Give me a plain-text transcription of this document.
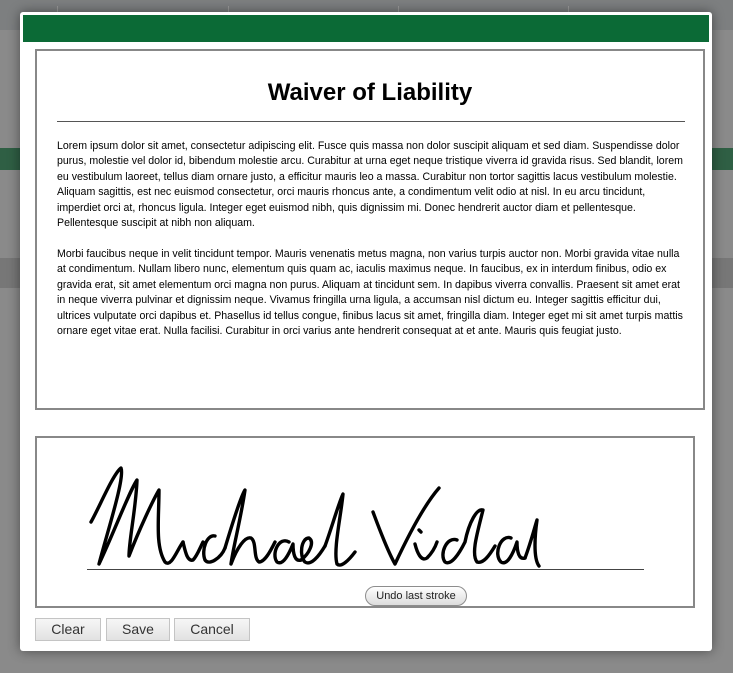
Waiver of Liability

Lorem ipsum dolor sit amet, consectetur adipiscing elit. Fusce quis massa non dolor suscipit aliquam et sed diam. Suspendisse dolor purus, molestie vel dolor id, bibendum molestie arcu. Curabitur at urna eget neque tristique viverra id gravida risus. Sed blandit, lorem eu vestibulum laoreet, tellus diam ornare justo, a efficitur mauris leo a massa. Curabitur non tortor sagittis lacus vestibulum molestie. Aliquam sagittis, est nec euismod consectetur, orci mauris rhoncus ante, a condimentum velit odio at nisl. In eu arcu tincidunt, imperdiet orci at, rhoncus ligula. Integer eget euismod nibh, quis dignissim mi. Donec hendrerit auctor diam et pellentesque. Pellentesque suscipit at nibh non aliquam.

Morbi faucibus neque in velit tincidunt tempor. Mauris venenatis metus magna, non varius turpis auctor non. Morbi gravida vitae nulla at condimentum. Nullam libero nunc, elementum quis quam ac, iaculis maximus neque. In faucibus, ex in interdum finibus, odio ex gravida erat, sit amet elementum orci magna non purus. Aliquam at tincidunt sem. In dapibus viverra convallis. Praesent sit amet erat in neque viverra pulvinar et dignissim neque. Vivamus fringilla urna ligula, a accumsan nisl dictum eu. Integer sagittis efficitur dui, ultrices vulputate orci dapibus et. Phasellus id tellus congue, finibus lacus sit amet, fringilla diam. Integer eget mi sit amet turpis mattis ornare eget vitae erat. Nulla facilisi. Curabitur in orci varius ante hendrerit consequat at et ante. Mauris quis feugiat justo.

Undo last stroke
Clear	Save	Cancel
